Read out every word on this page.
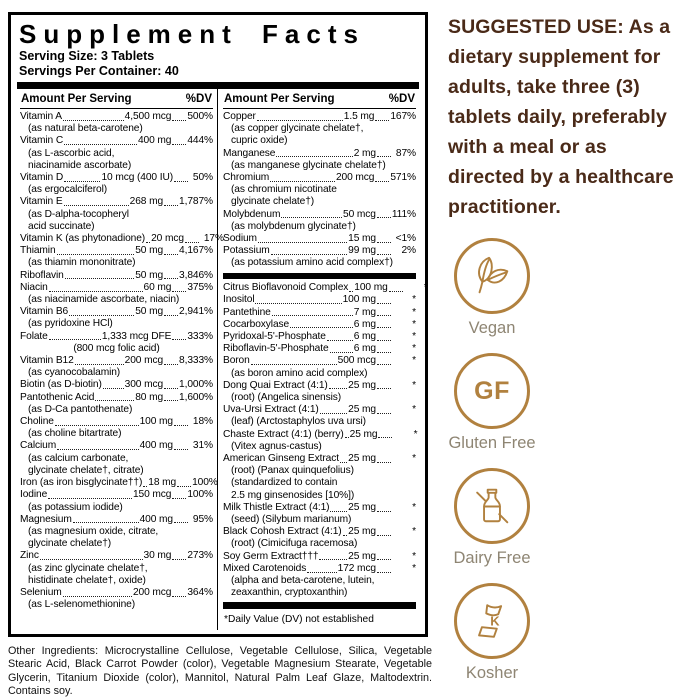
Supplement Facts
Serving Size: 3 Tablets
Servings Per Container: 40
Amount Per Serving	%DV
Vitamin A	4,500 mcg 500%
(as natural beta-carotene)
Vitamin C	400 mg 444%
(as L-ascorbic acid,
niacinamide ascorbate)
Vitamin D	10 mcg (400 IU)	50%
(as ergocalciferol)
Vitamin E	268 mg 1,787%
(as D-alpha-tocopheryl
acid succinate)
Vitamin K (as phytonadione) 20 mcg	17%
Thiamin	50 mg 4,167%
(as thiamin mononitrate)
Riboflavin	50 mg 3,846%
Niacin	60 mg 375%
(as niacinamide ascorbate, niacin)
Vitamin B6	50 mg 2,941%
(as pyridoxine HCl)
Folate	1,333 mcg DFE 333%
(800 mcg folic acid)
Vitamin B12	200 mcg 8,333%
(as cyanocobalamin)
Biotin (as D-biotin) 300 mcg 1,000%
Pantothenic Acid	80 mg 1,600%
(as D-Ca pantothenate)
Choline	100 mg	18%
(as choline bitartrate)
Calcium	400 mg	31%
(as calcium carbonate,
glycinate chelate†, citrate)
Iron (as iron bisglycinate††) 18 mg 100%
Iodine	150 mcg 100%
(as potassium iodide)
Magnesium	400 mg	95%
(as magnesium oxide, citrate,
glycinate chelate†)
Zinc	30 mg 273%
(as zinc glycinate chelate†,
histidinate chelate†, oxide)
Selenium	200 mcg 364%
(as L-selenomethionine)
Amount Per Serving	%DV
Copper	1.5 mg 167%
(as copper glycinate chelate†,
cupric oxide)
Manganese	2 mg	87%
(as manganese glycinate chelate†)
Chromium	200 mcg 571%
(as chromium nicotinate
glycinate chelate†)
Molybdenum	50 mcg 111%
(as molybdenum glycinate†)
Sodium	15 mg	<1%
Potassium	99 mg	2%
(as potassium amino acid complex†)
Citrus Bioflavonoid Complex 100 mg	*
Inositol	100 mg	*
Pantethine	7 mg	*
Cocarboxylase	6 mg	*
Pyridoxal-5'-Phosphate	6 mg	*
Riboflavin-5'-Phosphate 6 mg	*
Boron	500 mcg	*
(as boron amino acid complex)
Dong Quai Extract (4:1) 25 mg	*
(root) (Angelica sinensis)
Uva-Ursi Extract (4:1)	25 mg	*
(leaf) (Arctostaphylos uva ursi)
Chaste Extract (4:1) (berry) 25 mg	*
(Vitex agnus-castus)
American Ginseng Extract 25 mg	*
(root) (Panax quinquefolius)
(standardized to contain
2.5 mg ginsenosides [10%])
Milk Thistle Extract (4:1) 25 mg	*
(seed) (Silybum marianum)
Black Cohosh Extract (4:1) 25 mg	*
(root) (Cimicifuga racemosa)
Soy Germ Extract†††	25 mg	*
Mixed Carotenoids	172 mcg	*
(alpha and beta-carotene, lutein,
zeaxanthin, cryptoxanthin)
*Daily Value (DV) not established
Other Ingredients: Microcrystalline Cellulose, Vegetable Cellulose, Silica, Vegetable Stearic Acid, Black Carrot Powder (color), Vegetable Magnesium Stearate, Vegetable Glycerin, Titanium Dioxide (color), Mannitol, Natural Palm Leaf Glaze, Maltodextrin. Contains soy.
SUGGESTED USE: As a dietary supplement for adults, take three (3) tablets daily, preferably with a meal or as directed by a healthcare practitioner.
Vegan
GF
Gluten Free
Dairy Free
K
Kosher
